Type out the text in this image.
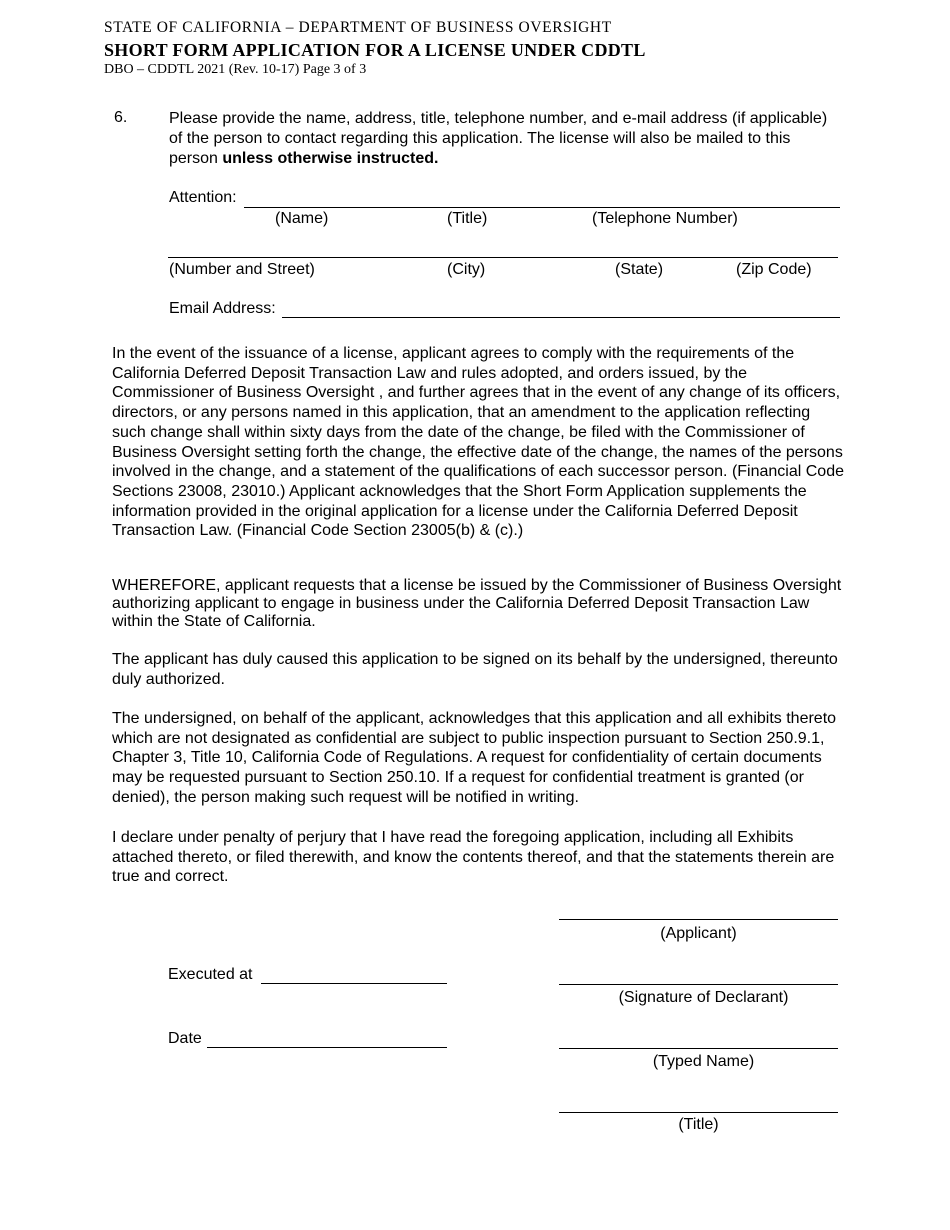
STATE OF CALIFORNIA – DEPARTMENT OF BUSINESS OVERSIGHT
SHORT FORM APPLICATION FOR A LICENSE UNDER CDDTL
DBO – CDDTL 2021 (Rev. 10-17) Page 3 of 3
6.	Please provide the name, address, title, telephone number, and e-mail address (if applicable) of the person to contact regarding this application. The license will also be mailed to this person unless otherwise instructed.
Attention:
(Name)	(Title)	(Telephone Number)
(Number and Street)	(City)	(State)	(Zip Code)
Email Address:
In the event of the issuance of a license, applicant agrees to comply with the requirements of the California Deferred Deposit Transaction Law and rules adopted, and orders issued, by the Commissioner of Business Oversight , and further agrees that in the event of any change of its officers, directors, or any persons named in this application, that an amendment to the application reflecting such change shall within sixty days from the date of the change, be filed with the Commissioner of Business Oversight setting forth the change, the effective date of the change, the names of the persons involved in the change, and a statement of the qualifications of each successor person. (Financial Code Sections 23008, 23010.) Applicant acknowledges that the Short Form Application supplements the information provided in the original application for a license under the California Deferred Deposit Transaction Law. (Financial Code Section 23005(b) & (c).)
WHEREFORE, applicant requests that a license be issued by the Commissioner of Business Oversight authorizing applicant to engage in business under the California Deferred Deposit Transaction Law within the State of California.
The applicant has duly caused this application to be signed on its behalf by the undersigned, thereunto duly authorized.
The undersigned, on behalf of the applicant, acknowledges that this application and all exhibits thereto which are not designated as confidential are subject to public inspection pursuant to Section 250.9.1, Chapter 3, Title 10, California Code of Regulations. A request for confidentiality of certain documents may be requested pursuant to Section 250.10. If a request for confidential treatment is granted (or denied), the person making such request will be notified in writing.
I declare under penalty of perjury that I have read the foregoing application, including all Exhibits attached thereto, or filed therewith, and know the contents thereof, and that the statements therein are true and correct.
(Applicant)
Executed at
(Signature of Declarant)
Date
(Typed Name)
(Title)
